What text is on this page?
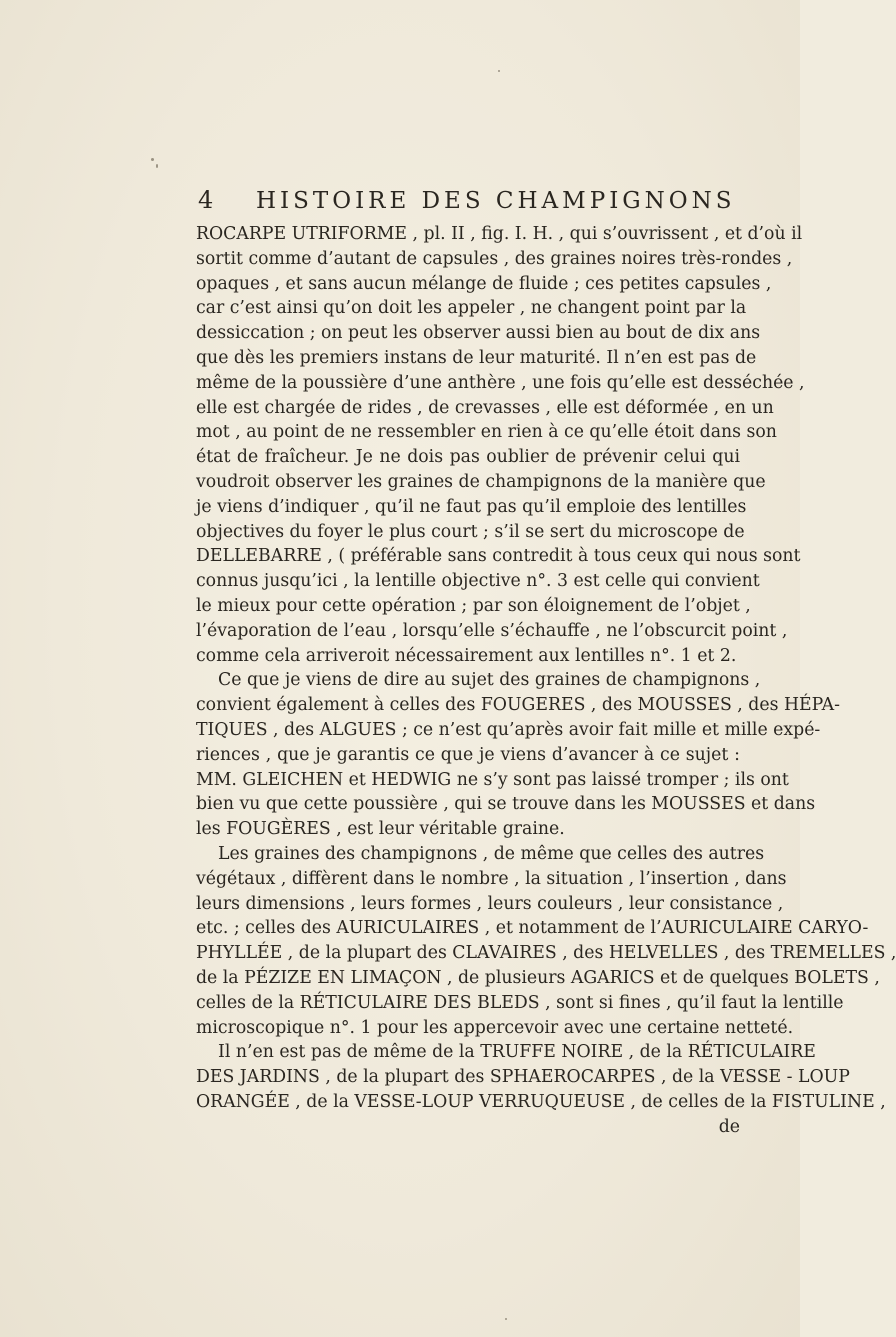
4	HISTOIRE DES CHAMPIGNONS
ROCARPE UTRIFORME , pl. II , fig. I. H. , qui s’ouvrissent , et d’où il
sortit comme d’autant de capsules , des graines noires très-rondes ,
opaques , et sans aucun mélange de fluide ; ces petites capsules ,
car c’est ainsi qu’on doit les appeler , ne changent point par la
dessiccation ; on peut les observer aussi bien au bout de dix ans
que dès les premiers instans de leur maturité. Il n’en est pas de
même de la poussière d’une anthère , une fois qu’elle est desséchée ,
elle est chargée de rides , de crevasses , elle est déformée , en un
mot , au point de ne ressembler en rien à ce qu’elle étoit dans son
état de fraîcheur. Je ne dois pas oublier de prévenir celui qui
voudroit observer les graines de champignons de la manière que
je viens d’indiquer , qu’il ne faut pas qu’il emploie des lentilles
objectives du foyer le plus court ; s’il se sert du microscope de
DELLEBARRE , ( préférable sans contredit à tous ceux qui nous sont
connus jusqu’ici , la lentille objective n°. 3 est celle qui convient
le mieux pour cette opération ; par son éloignement de l’objet ,
l’évaporation de l’eau , lorsqu’elle s’échauffe , ne l’obscurcit point ,
comme cela arriveroit nécessairement aux lentilles n°. 1 et 2.
Ce que je viens de dire au sujet des graines de champignons ,
convient également à celles des FOUGERES , des MOUSSES , des HÉPA-
TIQUES , des ALGUES ; ce n’est qu’après avoir fait mille et mille expé-
riences , que je garantis ce que je viens d’avancer à ce sujet :
MM. GLEICHEN et HEDWIG ne s’y sont pas laissé tromper ; ils ont
bien vu que cette poussière , qui se trouve dans les MOUSSES et dans
les FOUGÈRES , est leur véritable graine.
Les graines des champignons , de même que celles des autres
végétaux , diffèrent dans le nombre , la situation , l’insertion , dans
leurs dimensions , leurs formes , leurs couleurs , leur consistance ,
etc. ; celles des AURICULAIRES , et notamment de l’AURICULAIRE CARYO-
PHYLLÉE , de la plupart des CLAVAIRES , des HELVELLES , des TREMELLES ,
de la PÉZIZE EN LIMAÇON , de plusieurs AGARICS et de quelques BOLETS ,
celles de la RÉTICULAIRE DES BLEDS , sont si fines , qu’il faut la lentille
microscopique n°. 1 pour les appercevoir avec une certaine netteté.
Il n’en est pas de même de la TRUFFE NOIRE , de la RÉTICULAIRE
DES JARDINS , de la plupart des SPHAEROCARPES , de la VESSE - LOUP
ORANGÉE , de la VESSE-LOUP VERRUQUEUSE , de celles de la FISTULINE ,
de
